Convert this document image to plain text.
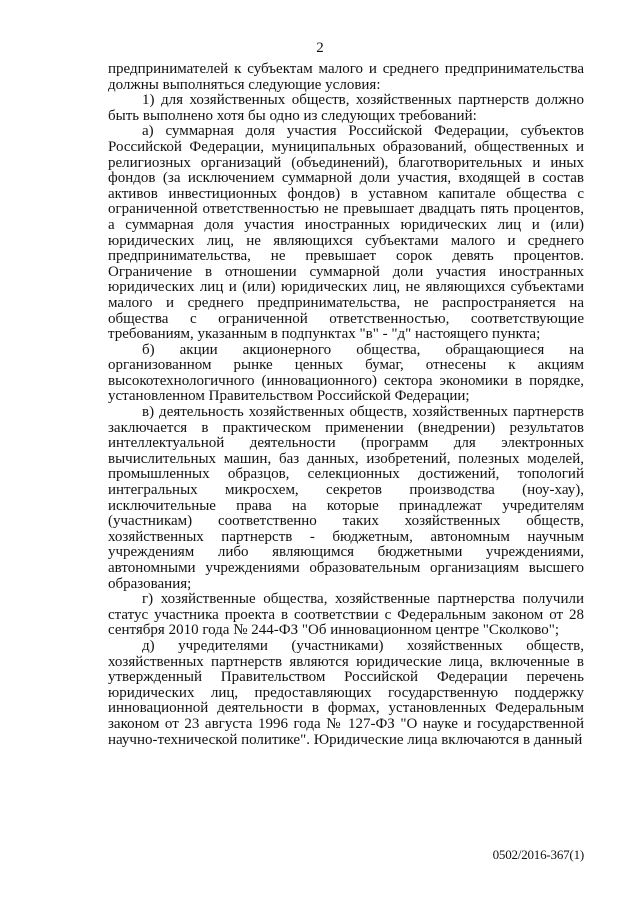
2

предпринимателей к субъектам малого и среднего предпринимательства должны выполняться следующие условия:

1) для хозяйственных обществ, хозяйственных партнерств должно быть выполнено хотя бы одно из следующих требований:

а) суммарная доля участия Российской Федерации, субъектов Российской Федерации, муниципальных образований, общественных и религиозных организаций (объединений), благотворительных и иных фондов (за исключением суммарной доли участия, входящей в состав активов инвестиционных фондов) в уставном капитале общества с ограниченной ответственностью не превышает двадцать пять процентов, а суммарная доля участия иностранных юридических лиц и (или) юридических лиц, не являющихся субъектами малого и среднего предпринимательства, не превышает сорок девять процентов. Ограничение в отношении суммарной доли участия иностранных юридических лиц и (или) юридических лиц, не являющихся субъектами малого и среднего предпринимательства, не распространяется на общества с ограниченной ответственностью, соответствующие требованиям, указанным в подпунктах "в" - "д" настоящего пункта;

б) акции акционерного общества, обращающиеся на организованном рынке ценных бумаг, отнесены к акциям высокотехнологичного (инновационного) сектора экономики в порядке, установленном Правительством Российской Федерации;

в) деятельность хозяйственных обществ, хозяйственных партнерств заключается в практическом применении (внедрении) результатов интеллектуальной деятельности (программ для электронных вычислительных машин, баз данных, изобретений, полезных моделей, промышленных образцов, селекционных достижений, топологий интегральных микросхем, секретов производства (ноу-хау), исключительные права на которые принадлежат учредителям (участникам) соответственно таких хозяйственных обществ, хозяйственных партнерств - бюджетным, автономным научным учреждениям либо являющимся бюджетными учреждениями, автономными учреждениями образовательным организациям высшего образования;

г) хозяйственные общества, хозяйственные партнерства получили статус участника проекта в соответствии с Федеральным законом от 28 сентября 2010 года № 244-ФЗ "Об инновационном центре "Сколково";

д) учредителями (участниками) хозяйственных обществ, хозяйственных партнерств являются юридические лица, включенные в утвержденный Правительством Российской Федерации перечень юридических лиц, предоставляющих государственную поддержку инновационной деятельности в формах, установленных Федеральным законом от 23 августа 1996 года № 127-ФЗ "О науке и государственной научно-технической политике". Юридические лица включаются в данный

0502/2016-367(1)
